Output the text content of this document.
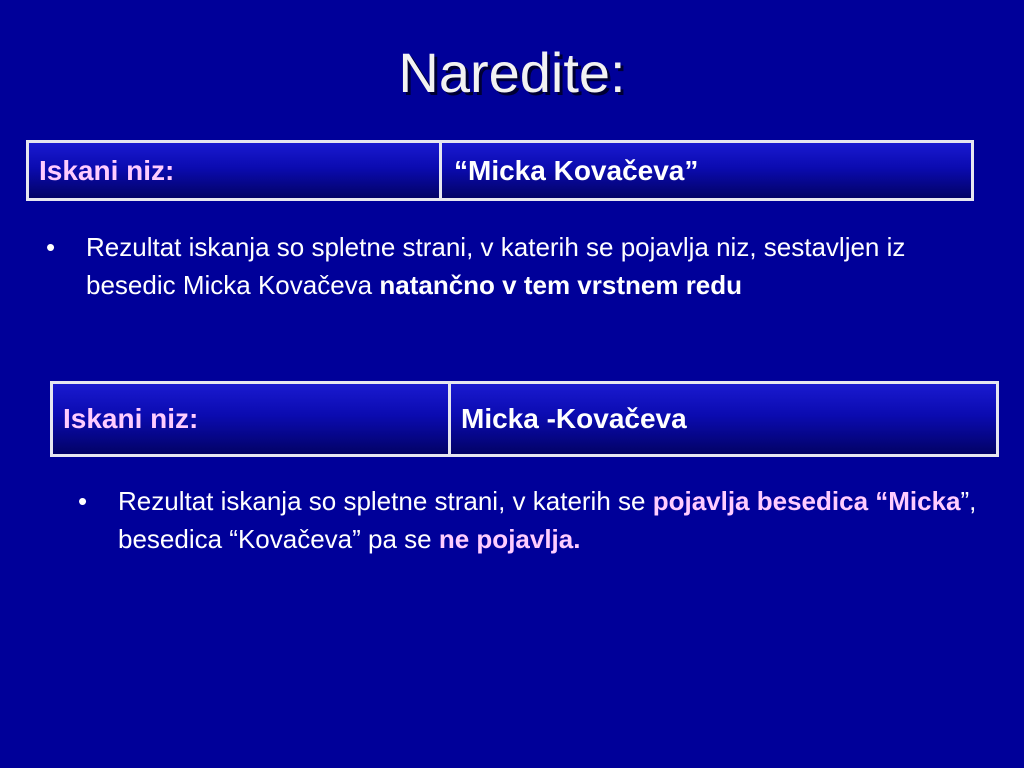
Naredite:
Iskani niz:	“Micka Kovačeva”
• Rezultat iskanja so spletne strani, v katerih se pojavlja niz, sestavljen iz besedic Micka Kovačeva natančno v tem vrstnem redu
Iskani niz:	Micka -Kovačeva
• Rezultat iskanja so spletne strani, v katerih se pojavlja besedica “Micka”, besedica “Kovačeva” pa se ne pojavlja.
